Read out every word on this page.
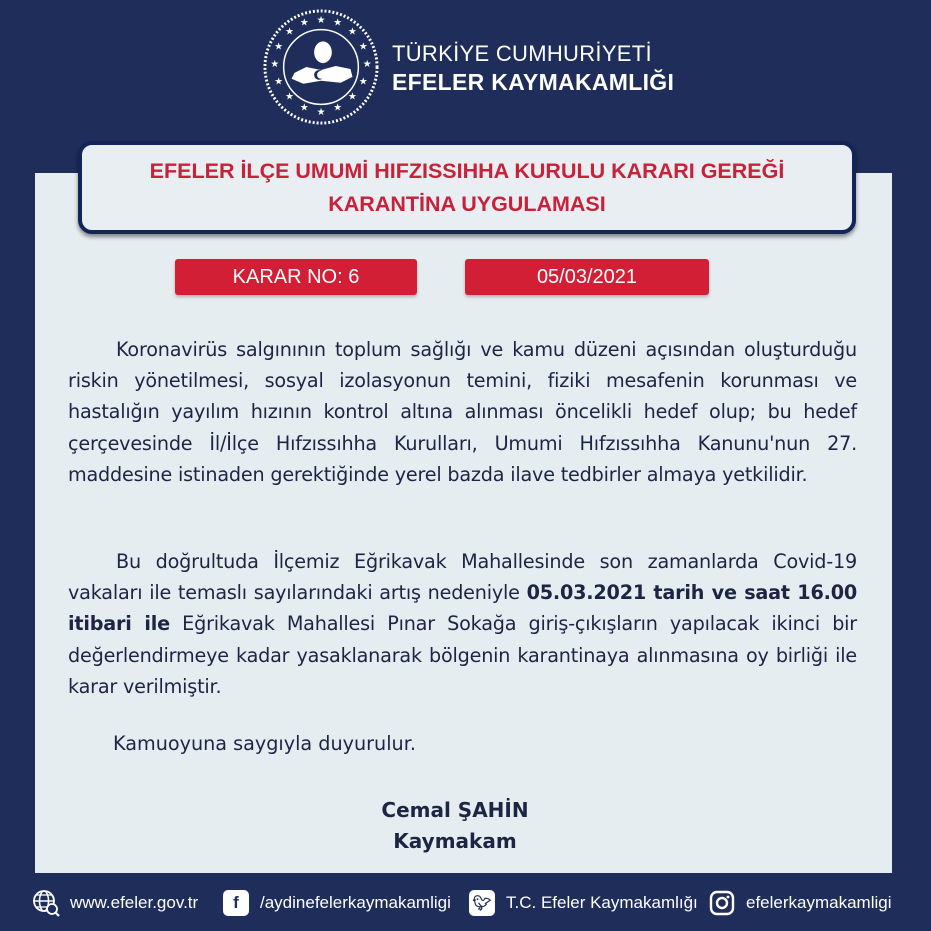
★ ★
★
★
★
★
★
★
★
★
★
★
★
★
★
★
TÜRKİYE CUMHURİYETİ
EFELER KAYMAKAMLIĞI
EFELER İLÇE UMUMİ HIFZISSIHHA KURULU KARARI GEREĞİ
KARANTİNA UYGULAMASI
KARAR NO: 6	05/03/2021

Koronavirüs salgınının toplum sağlığı ve kamu düzeni açısından oluşturduğu riskin yönetilmesi, sosyal izolasyonun temini, fiziki mesafenin korunması ve hastalığın yayılım hızının kontrol altına alınması öncelikli hedef olup; bu hedef çerçevesinde İl/İlçe Hıfzıssıhha Kurulları, Umumi Hıfzıssıhha Kanunu'nun 27. maddesine istinaden gerektiğinde yerel bazda ilave tedbirler almaya yetkilidir.

Bu doğrultuda İlçemiz Eğrikavak Mahallesinde son zamanlarda Covid-19 vakaları ile temaslı sayılarındaki artış nedeniyle 05.03.2021 tarih ve saat 16.00 itibari ile Eğrikavak Mahallesi Pınar Sokağa giriş-çıkışların yapılacak ikinci bir değerlendirmeye kadar yasaklanarak bölgenin karantinaya alınmasına oy birliği ile karar verilmiştir.

Kamuoyuna saygıyla duyurulur.
Cemal ŞAHİN
Kaymakam
www.efeler.gov.tr	f	/aydinefelerkaymakamligi 🐦︎ T.C. Efeler Kaymakamlığı	efelerkaymakamligi
